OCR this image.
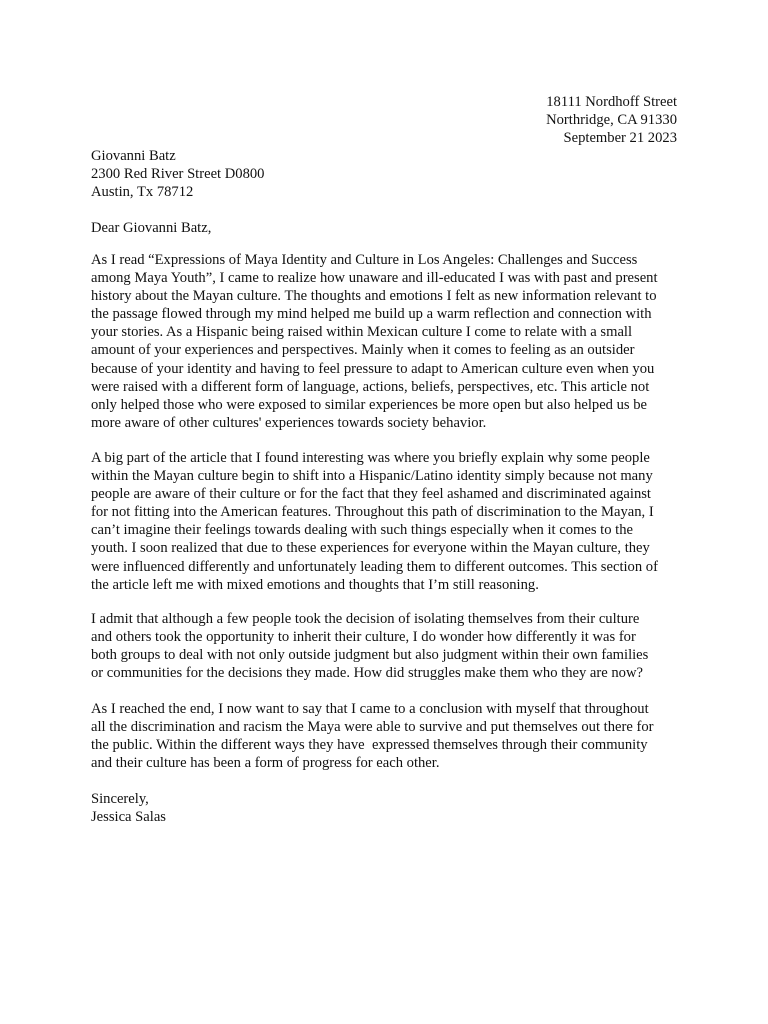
18111 Nordhoff Street
Northridge, CA 91330
September 21 2023
Giovanni Batz
2300 Red River Street D0800
Austin, Tx 78712
Dear Giovanni Batz,
As I read “Expressions of Maya Identity and Culture in Los Angeles: Challenges and Success
among Maya Youth”, I came to realize how unaware and ill-educated I was with past and present
history about the Mayan culture. The thoughts and emotions I felt as new information relevant to
the passage flowed through my mind helped me build up a warm reflection and connection with
your stories. As a Hispanic being raised within Mexican culture I come to relate with a small
amount of your experiences and perspectives. Mainly when it comes to feeling as an outsider
because of your identity and having to feel pressure to adapt to American culture even when you
were raised with a different form of language, actions, beliefs, perspectives, etc. This article not
only helped those who were exposed to similar experiences be more open but also helped us be
more aware of other cultures' experiences towards society behavior.
A big part of the article that I found interesting was where you briefly explain why some people
within the Mayan culture begin to shift into a Hispanic/Latino identity simply because not many
people are aware of their culture or for the fact that they feel ashamed and discriminated against
for not fitting into the American features. Throughout this path of discrimination to the Mayan, I
can’t imagine their feelings towards dealing with such things especially when it comes to the
youth. I soon realized that due to these experiences for everyone within the Mayan culture, they
were influenced differently and unfortunately leading them to different outcomes. This section of
the article left me with mixed emotions and thoughts that I’m still reasoning.
I admit that although a few people took the decision of isolating themselves from their culture
and others took the opportunity to inherit their culture, I do wonder how differently it was for
both groups to deal with not only outside judgment but also judgment within their own families
or communities for the decisions they made. How did struggles make them who they are now?
As I reached the end, I now want to say that I came to a conclusion with myself that throughout
all the discrimination and racism the Maya were able to survive and put themselves out there for
the public. Within the different ways they have  expressed themselves through their community
and their culture has been a form of progress for each other.
Sincerely,
Jessica Salas
